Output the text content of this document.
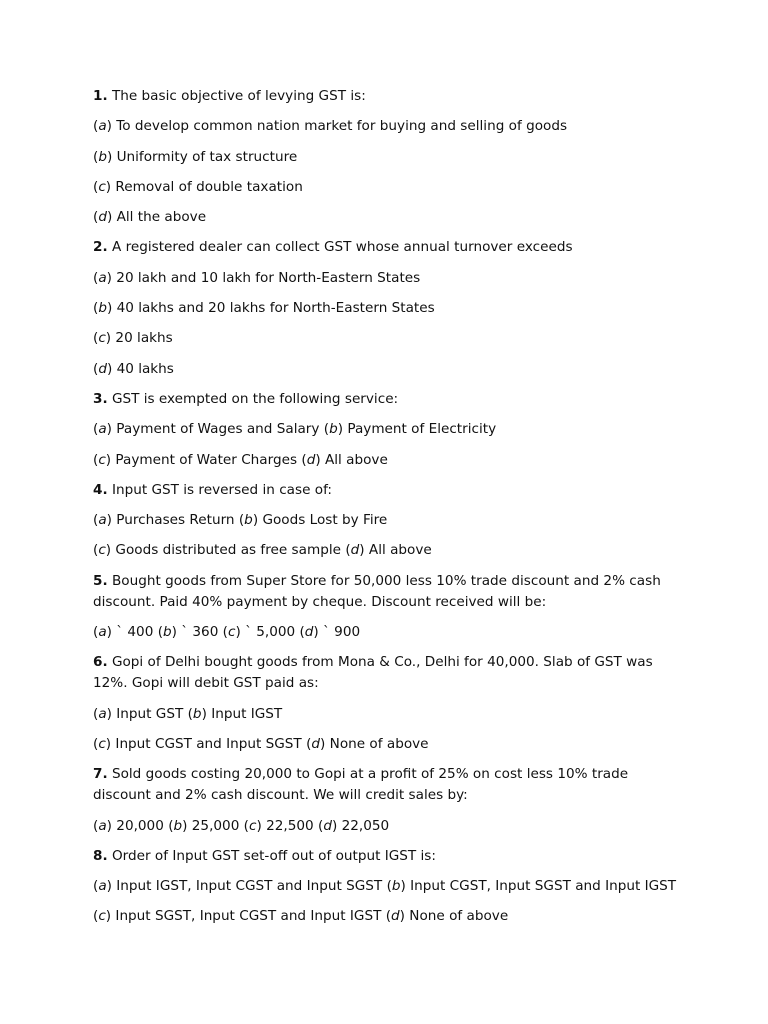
1. The basic objective of levying GST is:
(a) To develop common nation market for buying and selling of goods
(b) Uniformity of tax structure
(c) Removal of double taxation
(d) All the above
2. A registered dealer can collect GST whose annual turnover exceeds
(a) 20 lakh and 10 lakh for North-Eastern States
(b) 40 lakhs and 20 lakhs for North-Eastern States
(c) 20 lakhs
(d) 40 lakhs
3. GST is exempted on the following service:
(a) Payment of Wages and Salary (b) Payment of Electricity
(c) Payment of Water Charges (d) All above
4. Input GST is reversed in case of:
(a) Purchases Return (b) Goods Lost by Fire
(c) Goods distributed as free sample (d) All above
5. Bought goods from Super Store for 50,000 less 10% trade discount and 2% cash discount. Paid 40% payment by cheque. Discount received will be:
(a) ` 400 (b) ` 360 (c) ` 5,000 (d) ` 900
6. Gopi of Delhi bought goods from Mona & Co., Delhi for 40,000. Slab of GST was 12%. Gopi will debit GST paid as:
(a) Input GST (b) Input IGST
(c) Input CGST and Input SGST (d) None of above
7. Sold goods costing 20,000 to Gopi at a profit of 25% on cost less 10% trade discount and 2% cash discount. We will credit sales by:
(a) 20,000 (b) 25,000 (c) 22,500 (d) 22,050
8. Order of Input GST set-off out of output IGST is:
(a) Input IGST, Input CGST and Input SGST (b) Input CGST, Input SGST and Input IGST
(c) Input SGST, Input CGST and Input IGST (d) None of above
